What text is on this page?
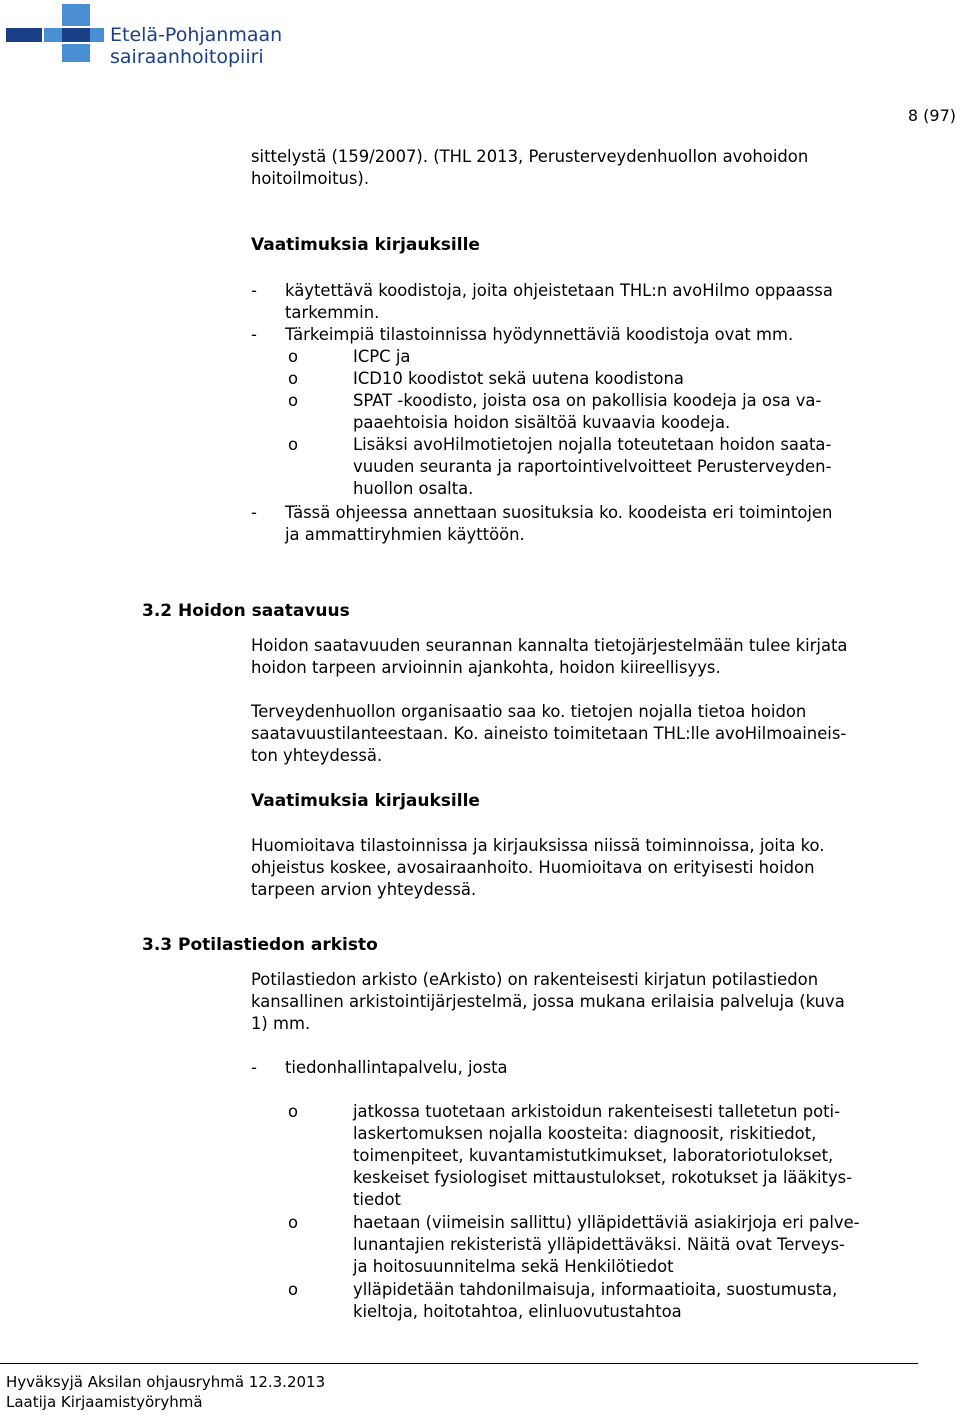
Etelä-Pohjanmaan
sairaanhoitopiiri
8 (97)
sittelystä (159/2007). (THL 2013, Perusterveydenhuollon avohoidon
hoitoilmoitus).
Vaatimuksia kirjauksille
- käytettävä koodistoja, joita ohjeistetaan THL:n avoHilmo oppaassa
tarkemmin.
- Tärkeimpiä tilastoinnissa hyödynnettäviä koodistoja ovat mm.
o	ICPC ja
o	ICD10 koodistot sekä uutena koodistona
o	SPAT -koodisto, joista osa on pakollisia koodeja ja osa va-
paaehtoisia hoidon sisältöä kuvaavia koodeja.
o	Lisäksi avoHilmotietojen nojalla toteutetaan hoidon saata-
vuuden seuranta ja raportointivelvoitteet Perusterveyden-
huollon osalta.
- Tässä ohjeessa annettaan suosituksia ko. koodeista eri toimintojen
ja ammattiryhmien käyttöön.
3.2 Hoidon saatavuus
Hoidon saatavuuden seurannan kannalta tietojärjestelmään tulee kirjata
hoidon tarpeen arvioinnin ajankohta, hoidon kiireellisyys.
Terveydenhuollon organisaatio saa ko. tietojen nojalla tietoa hoidon
saatavuustilanteestaan. Ko. aineisto toimitetaan THL:lle avoHilmoaineis-
ton yhteydessä.
Vaatimuksia kirjauksille
Huomioitava tilastoinnissa ja kirjauksissa niissä toiminnoissa, joita ko.
ohjeistus koskee, avosairaanhoito. Huomioitava on erityisesti hoidon
tarpeen arvion yhteydessä.
3.3 Potilastiedon arkisto
Potilastiedon arkisto (eArkisto) on rakenteisesti kirjatun potilastiedon
kansallinen arkistointijärjestelmä, jossa mukana erilaisia palveluja (kuva
1) mm.
- tiedonhallintapalvelu, josta
o	jatkossa tuotetaan arkistoidun rakenteisesti talletetun poti-
laskertomuksen nojalla koosteita: diagnoosit, riskitiedot,
toimenpiteet, kuvantamistutkimukset, laboratoriotulokset,
keskeiset fysiologiset mittaustulokset, rokotukset ja lääkitys-
tiedot
o	haetaan (viimeisin sallittu) ylläpidettäviä asiakirjoja eri palve-
lunantajien rekisteristä ylläpidettäväksi. Näitä ovat Terveys-
ja hoitosuunnitelma sekä Henkilötiedot
o	ylläpidetään tahdonilmaisuja, informaatioita, suostumusta,
kieltoja, hoitotahtoa, elinluovutustahtoa
Hyväksyjä Aksilan ohjausryhmä 12.3.2013
Laatija Kirjaamistyöryhmä
